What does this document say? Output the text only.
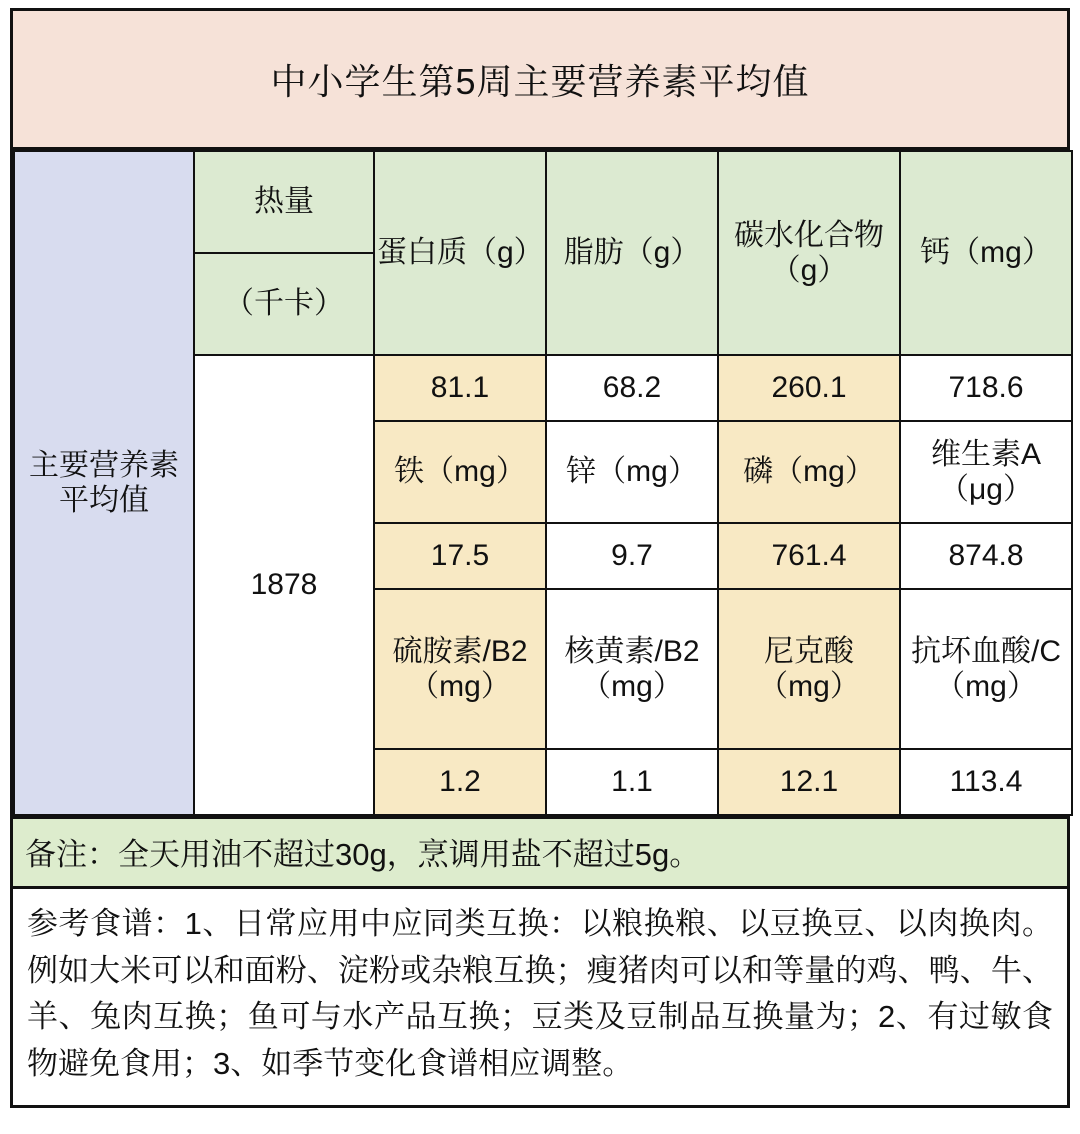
中小学生第5周主要营养素平均值
主要营养素平均值	热量	蛋白质（g）	脂肪（g）	碳水化合物（g）	钙（mg）
	（千卡）				
	1878	81.1	68.2	260.1	718.6
		铁（mg）	锌（mg）	磷（mg）	维生素A（μg）
		17.5	9.7	761.4	874.8
		硫胺素/B2（mg）	核黄素/B2（mg）	尼克酸（mg）	抗坏血酸/C（mg）
		1.2	1.1	12.1	113.4
备注：全天用油不超过30g，烹调用盐不超过5g。
参考食谱：1、日常应用中应同类互换：以粮换粮、以豆换豆、以肉换肉。例如大米可以和面粉、淀粉或杂粮互换；瘦猪肉可以和等量的鸡、鸭、牛、羊、兔肉互换；鱼可与水产品互换；豆类及豆制品互换量为；2、有过敏食物避免食用；3、如季节变化食谱相应调整。
